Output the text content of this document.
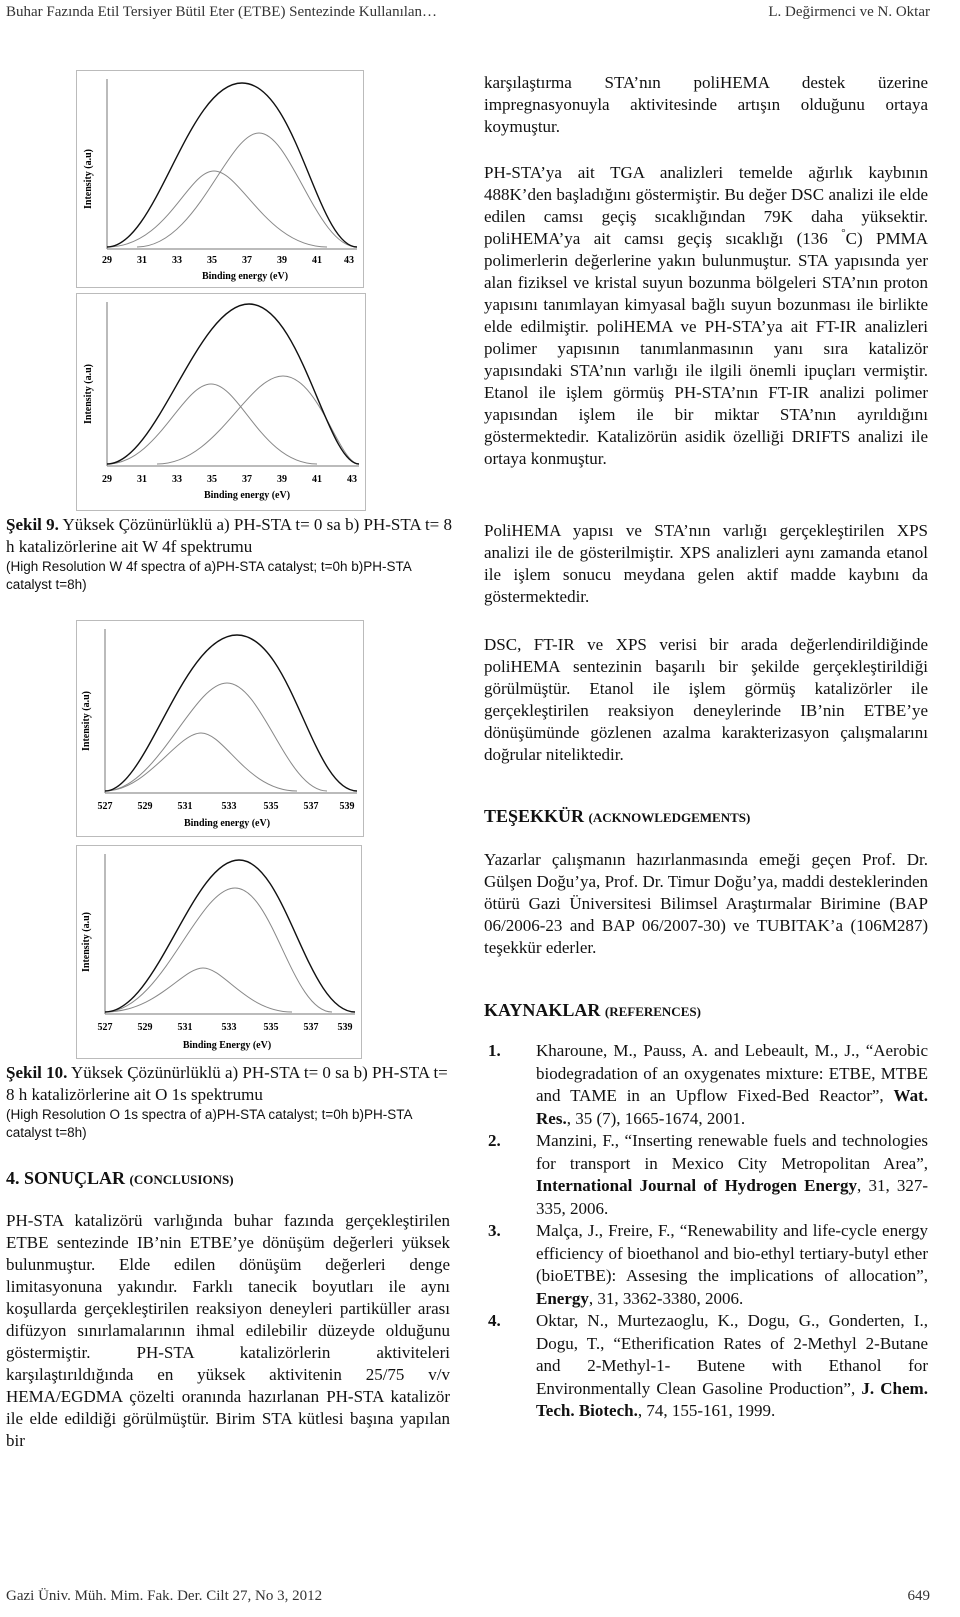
Buhar Fazında Etil Tersiyer Bütil Eter (ETBE) Sentezinde Kullanılan…	L. Değirmenci ve N. Oktar
Gazi Üniv. Müh. Mim. Fak. Der. Cilt 27, No 3, 2012	649
Intensity (a.u)
29	31	33	35	37	39	41 43
Binding energy (eV)
Intensity (a.u)
29	31	33	35	37	39	41	43
Binding energy (eV)
Şekil 9. Yüksek Çözünürlüklü a) PH-STA t= 0 sa b) PH-STA t= 8 h katalizörlerine ait W 4f spektrumu
(High Resolution W 4f spectra of a)PH-STA catalyst; t=0h b)PH-STA catalyst t=8h)
Intensity (a.u)
527	529	531	533	535	537 539
Binding energy (eV)
Intensity (a.u)
527	529	531	533	535	537 539
Binding Energy (eV)
Şekil 10. Yüksek Çözünürlüklü a) PH-STA t= 0 sa b) PH-STA t= 8 h katalizörlerine ait O 1s spektrumu
(High Resolution O 1s spectra of a)PH-STA catalyst; t=0h b)PH-STA catalyst t=8h)
4. SONUÇLAR (CONCLUSIONS)
PH-STA katalizörü varlığında buhar fazında gerçekleştirilen ETBE sentezinde IB’nin ETBE’ye dönüşüm değerleri yüksek bulunmuştur. Elde edilen dönüşüm değerleri denge limitasyonuna yakındır. Farklı tanecik boyutları ile aynı koşullarda gerçekleştirilen reaksiyon deneyleri partiküller arası difüzyon sınırlamalarının ihmal edilebilir düzeyde olduğunu göstermiştir. PH-STA katalizörlerin aktiviteleri karşılaştırıldığında en yüksek aktivitenin 25/75 v/v HEMA/EGDMA çözelti oranında hazırlanan PH-STA katalizör ile elde edildiği görülmüştür. Birim STA kütlesi başına yapılan bir
karşılaştırma STA’nın poliHEMA destek üzerine impregnasyonuyla aktivitesinde artışın olduğunu ortaya koymuştur.
PH-STA’ya ait TGA analizleri temelde ağırlık kaybının 488K’den başladığını göstermiştir. Bu değer DSC analizi ile elde edilen camsı geçiş sıcaklığından 79K daha yüksektir. poliHEMA’ya ait camsı geçiş sıcaklığı (136 °C) PMMA polimerlerin değerlerine yakın bulunmuştur. STA yapısında yer alan fiziksel ve kristal suyun bozunma bölgeleri STA’nın proton yapısını tanımlayan kimyasal bağlı suyun bozunması ile birlikte elde edilmiştir. poliHEMA ve PH-STA’ya ait FT-IR analizleri polimer yapısının tanımlanmasının yanı sıra katalizör yapısındaki STA’nın varlığı ile ilgili önemli ipuçları vermiştir. Etanol ile işlem görmüş PH-STA’nın FT-IR analizi polimer yapısından işlem ile bir miktar STA’nın ayrıldığını göstermektedir. Katalizörün asidik özelliği DRIFTS analizi ile ortaya konmuştur.
PoliHEMA yapısı ve STA’nın varlığı gerçekleştirilen XPS analizi ile de gösterilmiştir. XPS analizleri aynı zamanda etanol ile işlem sonucu meydana gelen aktif madde kaybını da göstermektedir.
DSC, FT-IR ve XPS verisi bir arada değerlendirildiğinde poliHEMA sentezinin başarılı bir şekilde gerçekleştirildiği görülmüştür. Etanol ile işlem görmüş katalizörler ile gerçekleştirilen reaksiyon deneylerinde IB’nin ETBE’ye dönüşümünde gözlenen azalma karakterizasyon çalışmalarını doğrular niteliktedir.
TEŞEKKÜR (ACKNOWLEDGEMENTS)
Yazarlar çalışmanın hazırlanmasında emeği geçen Prof. Dr. Gülşen Doğu’ya, Prof. Dr. Timur Doğu’ya, maddi desteklerinden ötürü Gazi Üniversitesi Bilimsel Araştırmalar Birimine (BAP 06/2006-23 and BAP 06/2007-30) ve TUBITAK’a (106M287) teşekkür ederler.
KAYNAKLAR (REFERENCES)
1.	Kharoune, M., Pauss, A. and Lebeault, M., J., “Aerobic biodegradation of an oxygenates mixture: ETBE, MTBE and TAME in an Upflow Fixed-Bed Reactor”, Wat. Res., 35 (7), 1665-1674, 2001.
2.	Manzini, F., “Inserting renewable fuels and technologies for transport in Mexico City Metropolitan Area”, International Journal of Hydrogen Energy, 31, 327-335, 2006.
3.	Malça, J., Freire, F., “Renewability and life-cycle energy efficiency of bioethanol and bio-ethyl tertiary-butyl ether (bioETBE): Assesing the implications of allocation”, Energy, 31, 3362-3380, 2006.
4.	Oktar, N., Murtezaoglu, K., Dogu, G., Gonderten, I., Dogu, T., “Etherification Rates of 2-Methyl 2-Butane and 2-Methyl-1- Butene with Ethanol for Environmentally Clean Gasoline Production”, J. Chem. Tech. Biotech., 74, 155-161, 1999.
